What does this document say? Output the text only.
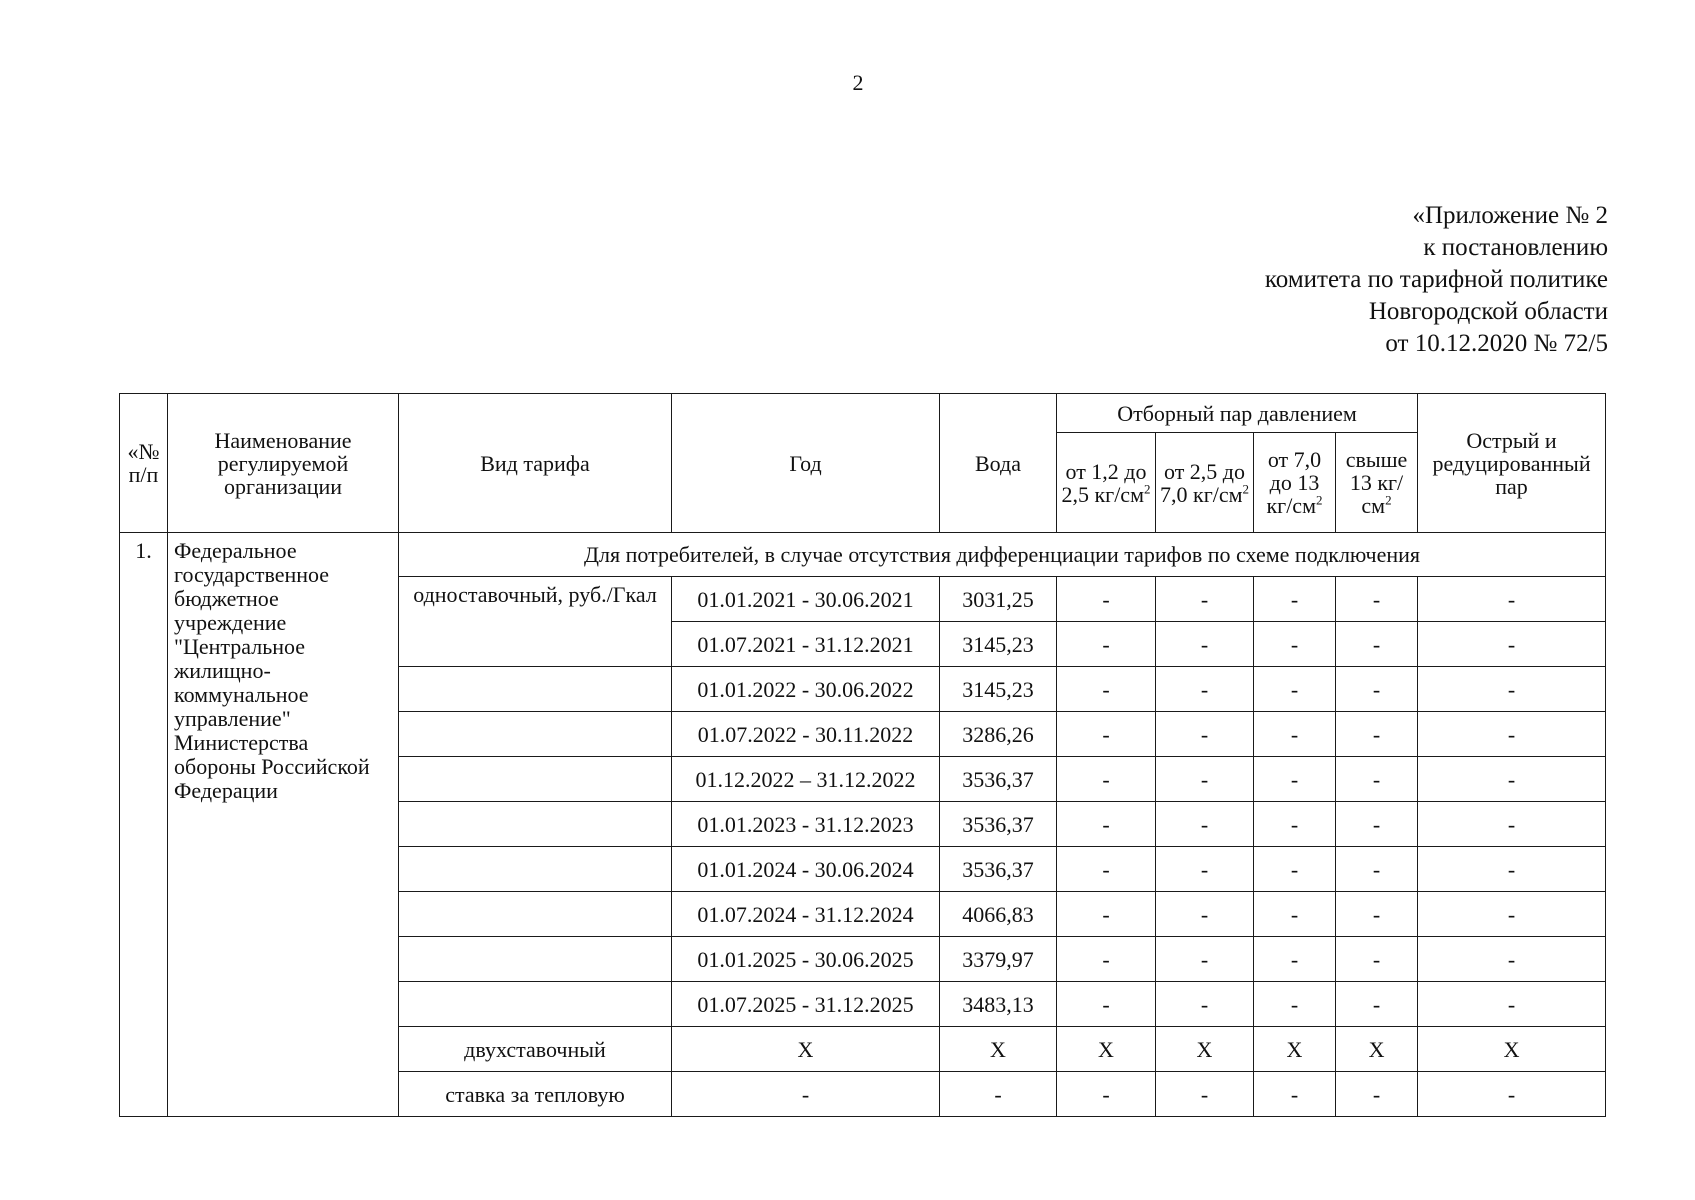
2
«Приложение № 2
к постановлению
комитета по тарифной политике
Новгородской области
от 10.12.2020 № 72/5
«№ п/п	Наименование регулируемой организации	Вид тарифа	Год	Вода	Отборный пар давлением				Острый и редуцированный пар
					от 1,2 до 2,5 $кг/см^2$	от 2,5 до 7,0 $кг/см^2$	от 7,0 до 13 $кг/см^2$	свыше 13 $кг/см^2$
1.	Федеральное государственное бюджетное учреждение "Центральное жилищно-коммунальное управление" Министерства обороны Российской Федерации	Для потребителей, в случае отсутствия дифференциации тарифов по схеме подключения							
		одноставочный, руб./Гкал	01.01.2021 - 30.06.2021	3031,25	-	-	-	-	-
			01.07.2021 - 31.12.2021	3145,23	-	-	-	-	-
			01.01.2022 - 30.06.2022	3145,23	-	-	-	-	-
			01.07.2022 - 30.11.2022	3286,26	-	-	-	-	-
			01.12.2022 – 31.12.2022	3536,37	-	-	-	-	-
			01.01.2023 - 31.12.2023	3536,37	-	-	-	-	-
			01.01.2024 - 30.06.2024	3536,37	-	-	-	-	-
			01.07.2024 - 31.12.2024	4066,83	-	-	-	-	-
			01.01.2025 - 30.06.2025	3379,97	-	-	-	-	-
			01.07.2025 - 31.12.2025	3483,13	-	-	-	-	-
		двухставочный	X	X	X	X	X	X	X
		ставка за тепловую	-	-	-	-	-	-	-
